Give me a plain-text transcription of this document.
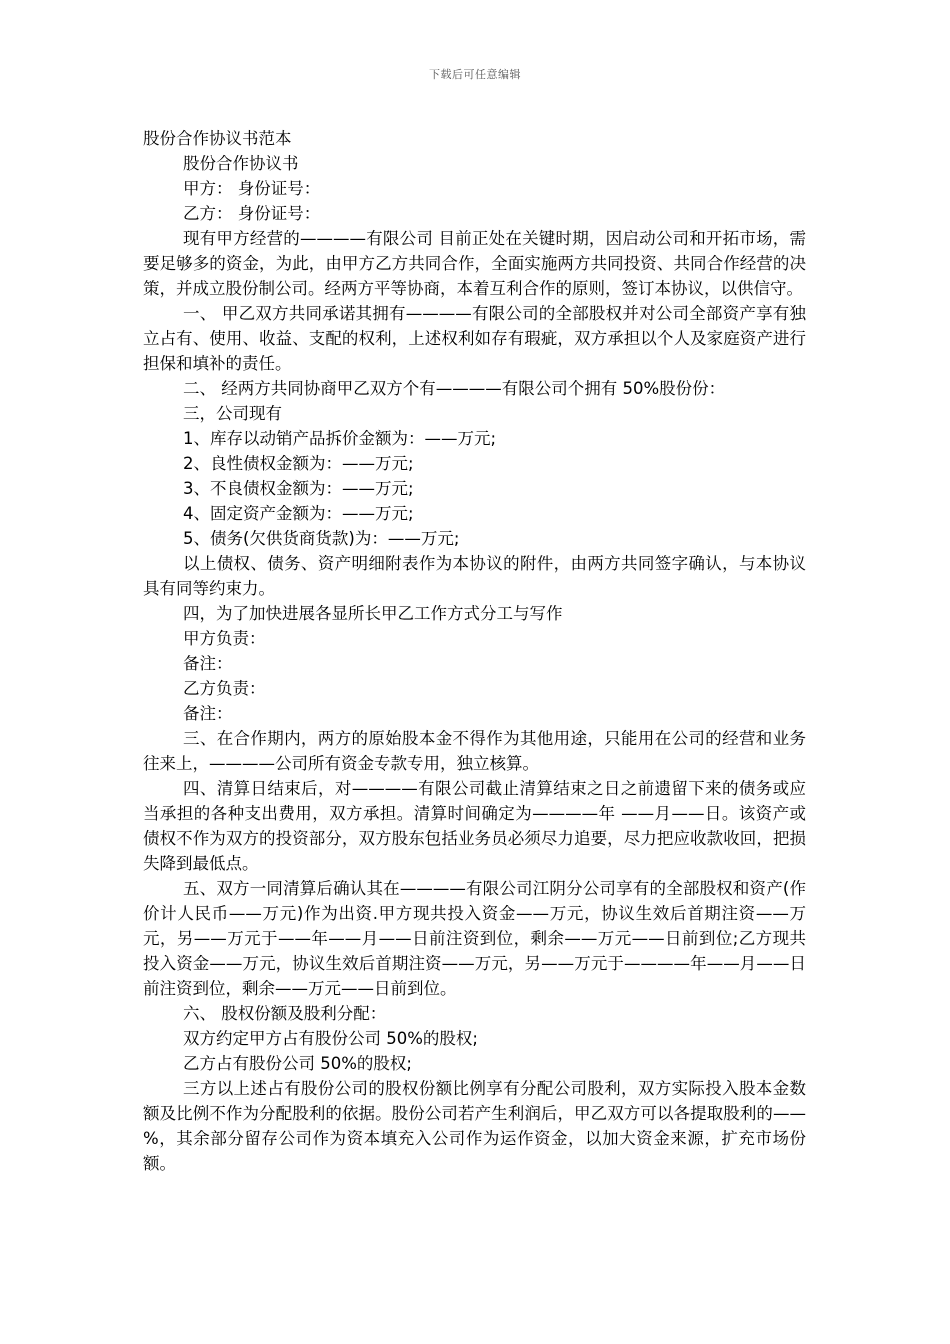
下载后可任意编辑

股份合作协议书范本

股份合作协议书

甲方： 身份证号：

乙方： 身份证号：

现有甲方经营的————有限公司 目前正处在关键时期，因启动公司和开拓市场，需要足够多的资金，为此，由甲方乙方共同合作，全面实施两方共同投资、共同合作经营的决策，并成立股份制公司。经两方平等协商，本着互利合作的原则，签订本协议，以供信守。

一、 甲乙双方共同承诺其拥有————有限公司的全部股权并对公司全部资产享有独立占有、使用、收益、支配的权利，上述权利如存有瑕疵，双方承担以个人及家庭资产进行担保和填补的责任。

二、 经两方共同协商甲乙双方个有————有限公司个拥有 50%股份份：

三，公司现有

1、库存以动销产品拆价金额为：——万元;

2、良性债权金额为：——万元;

3、不良债权金额为：——万元;

4、固定资产金额为：——万元;

5、债务(欠供货商货款)为：——万元;

以上债权、债务、资产明细附表作为本协议的附件，由两方共同签字确认，与本协议具有同等约束力。

四，为了加快进展各显所长甲乙工作方式分工与写作

甲方负责：

备注：

乙方负责：

备注：

三、在合作期内，两方的原始股本金不得作为其他用途，只能用在公司的经营和业务往来上，————公司所有资金专款专用，独立核算。

四、清算日结束后，对————有限公司截止清算结束之日之前遗留下来的债务或应当承担的各种支出费用，双方承担。清算时间确定为————年 ——月——日。该资产或债权不作为双方的投资部分，双方股东包括业务员必须尽力追要，尽力把应收款收回，把损失降到最低点。

五、双方一同清算后确认其在————有限公司江阴分公司享有的全部股权和资产(作价计人民币——万元)作为出资.甲方现共投入资金——万元，协议生效后首期注资——万元，另——万元于——年——月——日前注资到位，剩余——万元——日前到位;乙方现共投入资金——万元，协议生效后首期注资——万元，另——万元于————年——月——日前注资到位，剩余——万元——日前到位。

六、 股权份额及股利分配：

双方约定甲方占有股份公司 50%的股权;

乙方占有股份公司 50%的股权;

三方以上述占有股份公司的股权份额比例享有分配公司股利，双方实际投入股本金数额及比例不作为分配股利的依据。股份公司若产生利润后，甲乙双方可以各提取股利的——%，其余部分留存公司作为资本填充入公司作为运作资金，以加大资金来源，扩充市场份额。
